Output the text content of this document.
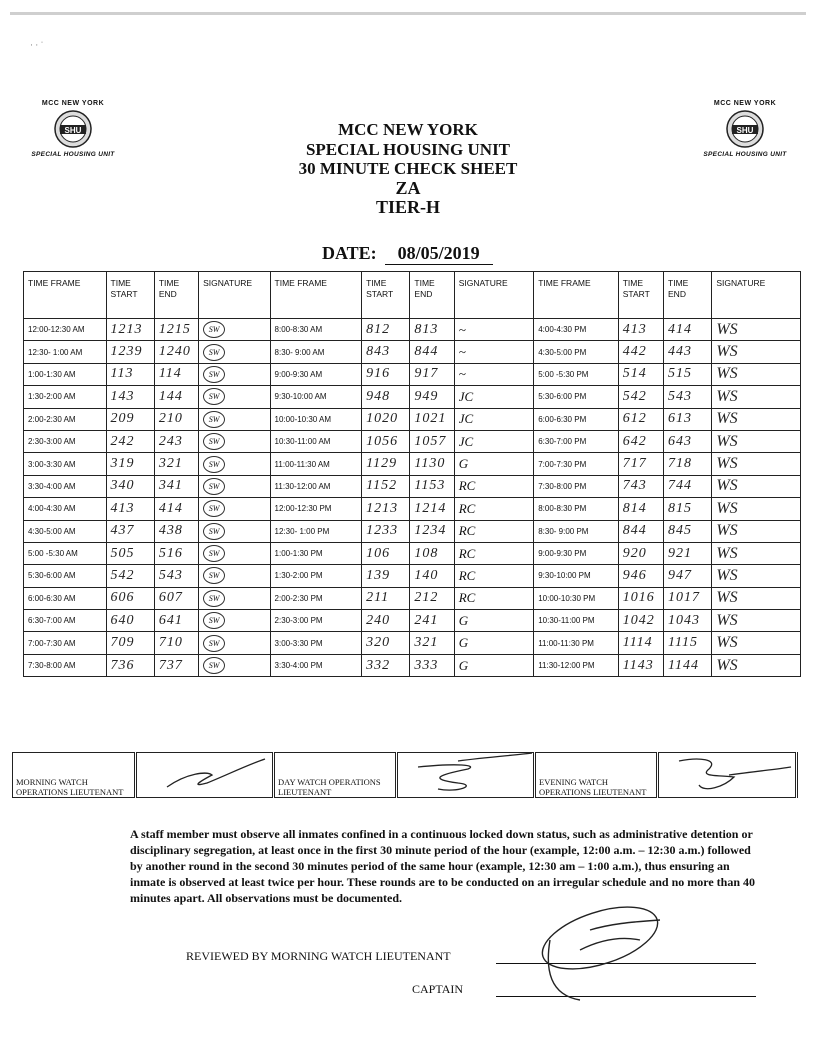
· · ˈ
MCC NEW YORK
SHU
SPECIAL HOUSING UNIT
MCC NEW YORK
SHU
SPECIAL HOUSING UNIT
MCC NEW YORK
SPECIAL HOUSING UNIT
30 MINUTE CHECK SHEET
ZA
TIER-H
DATE: 08/05/2019
TIME FRAME	TIME START	TIME END	SIGNATURE	TIME FRAME	TIME START	TIME END	SIGNATURE	TIME FRAME	TIME START	TIME END	SIGNATURE
12:00-12:30 AM	1213	1215	SW	8:00-8:30 AM	812	813	~	4:00-4:30 PM	413	414	WS
12:30- 1:00 AM	1239	1240	SW	8:30- 9:00 AM	843	844	~	4:30-5:00 PM	442	443	WS
1:00-1:30 AM	113	114	SW	9:00-9:30 AM	916	917	~	5:00 -5:30 PM	514	515	WS
1:30-2:00 AM	143	144	SW	9:30-10:00 AM	948	949	JC	5:30-6:00 PM	542	543	WS
2:00-2:30 AM	209	210	SW	10:00-10:30 AM	1020	1021	JC	6:00-6:30 PM	612	613	WS
2:30-3:00 AM	242	243	SW	10:30-11:00 AM	1056	1057	JC	6:30-7:00 PM	642	643	WS
3:00-3:30 AM	319	321	SW	11:00-11:30 AM	1129	1130	G	7:00-7:30 PM	717	718	WS
3:30-4:00 AM	340	341	SW	11:30-12:00 AM	1152	1153	RC	7:30-8:00 PM	743	744	WS
4:00-4:30 AM	413	414	SW	12:00-12:30 PM	1213	1214	RC	8:00-8:30 PM	814	815	WS
4:30-5:00 AM	437	438	SW	12:30- 1:00 PM	1233	1234	RC	8:30- 9:00 PM	844	845	WS
5:00 -5:30 AM	505	516	SW	1:00-1:30 PM	106	108	RC	9:00-9:30 PM	920	921	WS
5:30-6:00 AM	542	543	SW	1:30-2:00 PM	139	140	RC	9:30-10:00 PM	946	947	WS
6:00-6:30 AM	606	607	SW	2:00-2:30 PM	211	212	RC	10:00-10:30 PM	1016	1017	WS
6:30-7:00 AM	640	641	SW	2:30-3:00 PM	240	241	G	10:30-11:00 PM	1042	1043	WS
7:00-7:30 AM	709	710	SW	3:00-3:30 PM	320	321	G	11:00-11:30 PM	1114	1115	WS
7:30-8:00 AM	736	737	SW	3:30-4:00 PM	332	333	G	11:30-12:00 PM	1143	1144	WS
MORNING WATCH OPERATIONS LIEUTENANT		DAY WATCH OPERATIONS LIEUTENANT		EVENING WATCH OPERATIONS LIEUTENANT	
A staff member must observe all inmates confined in a continuous locked down status, such as administrative detention or disciplinary segregation, at least once in the first 30 minute period of the hour (example, 12:00 a.m. – 12:30 a.m.) followed by another round in the second 30 minutes period of the same hour (example, 12:30 am – 1:00 a.m.), thus ensuring an inmate is observed at least twice per hour. These rounds are to be conducted on an irregular schedule and no more than 40 minutes apart. All observations must be documented.
REVIEWED BY MORNING WATCH LIEUTENANT
CAPTAIN
